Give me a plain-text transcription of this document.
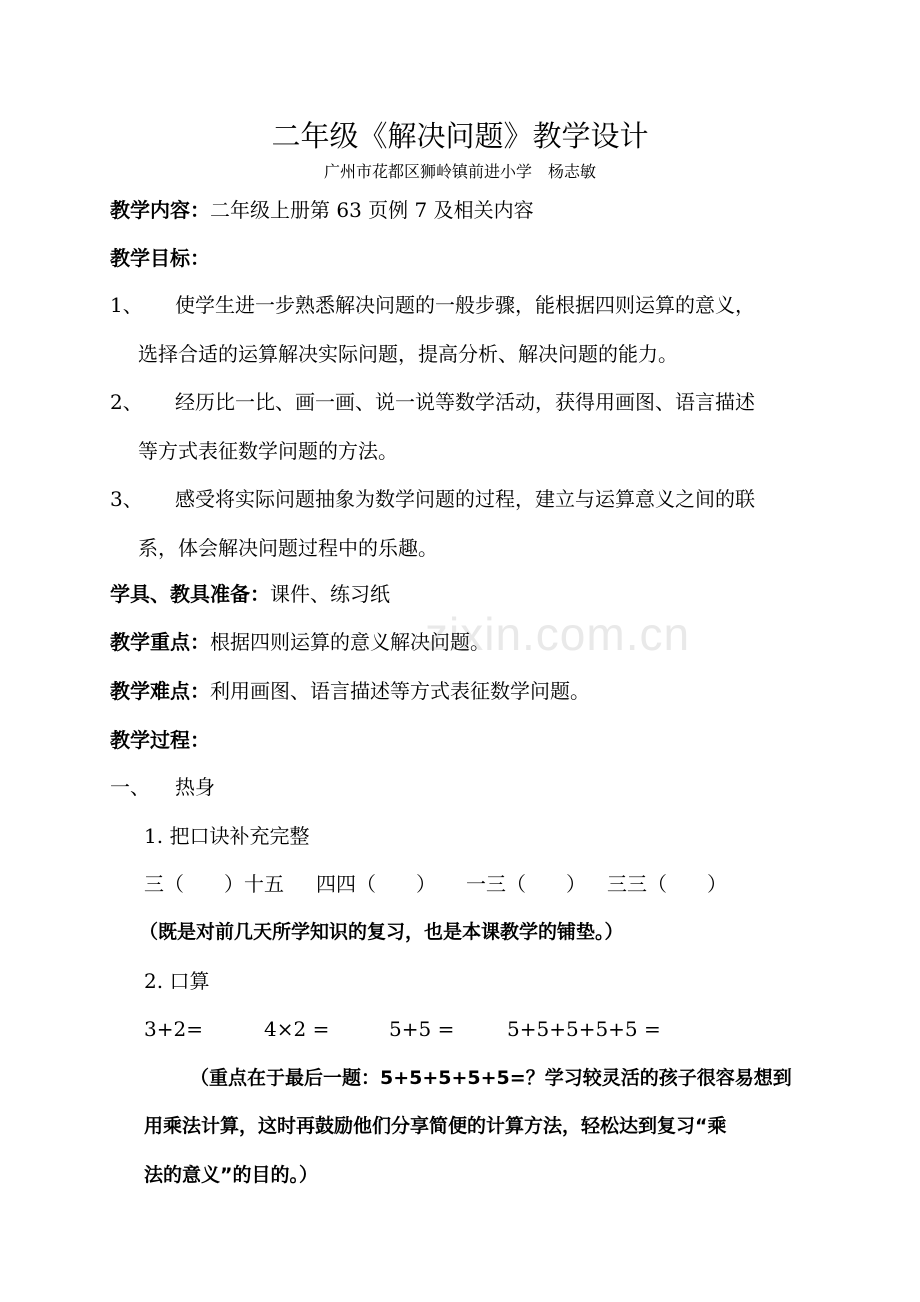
二年级《解决问题》教学设计
广州市花都区狮岭镇前进小学　杨志敏
教学内容：二年级上册第 63 页例 7 及相关内容
教学目标：
1、 使学生进一步熟悉解决问题的一般步骤，能根据四则运算的意义，
选择合适的运算解决实际问题，提高分析、解决问题的能力。
2、 经历比一比、画一画、说一说等数学活动，获得用画图、语言描述
等方式表征数学问题的方法。
3、 感受将实际问题抽象为数学问题的过程，建立与运算意义之间的联
系，体会解决问题过程中的乐趣。
学具、教具准备：课件、练习纸
zixin.com.cn
教学重点：根据四则运算的意义解决问题。
教学难点：利用画图、语言描述等方式表征数学问题。
教学过程：
一、 热身
1. 把口诀补充完整
三（　　）十五 四四（　　） 一三（　　） 三三（　　）
（既是对前几天所学知识的复习，也是本课教学的铺垫。）
2. 口算
3+2=	4×2 =	5+5 =	5+5+5+5+5 =
（重点在于最后一题：5+5+5+5+5=？学习较灵活的孩子很容易想到
用乘法计算，这时再鼓励他们分享简便的计算方法，轻松达到复习“乘
法的意义”的目的。）
